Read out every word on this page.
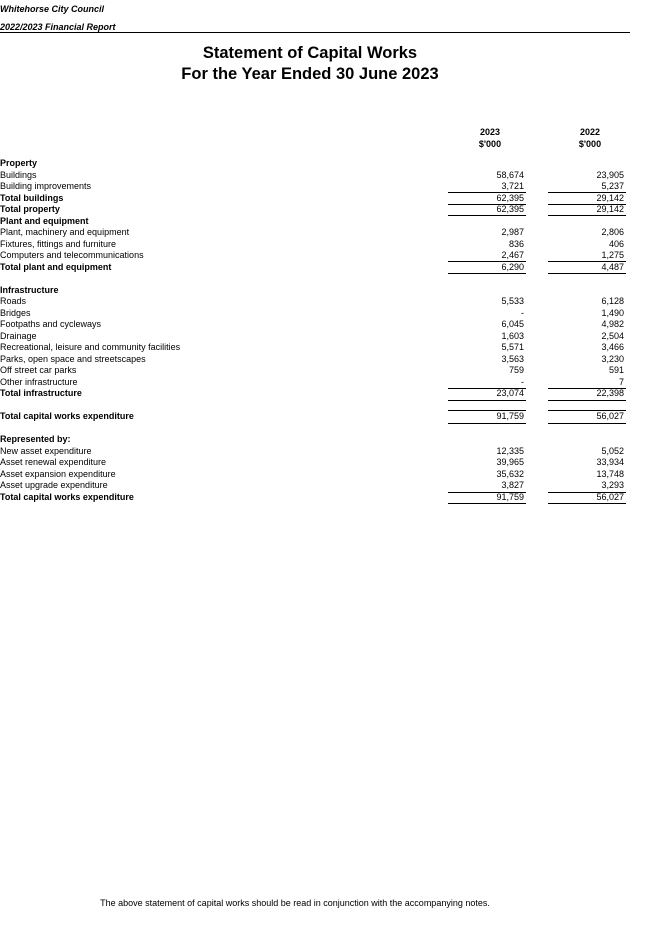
Whitehorse City Council
2022/2023 Financial Report
Statement of Capital Works
For the Year Ended 30 June 2023
2023
$'000
2022
$'000
Property
Buildings	58,674	23,905
Building improvements	3,721	5,237
Total buildings	62,395	29,142
Total property	62,395	29,142
Plant and equipment
Plant, machinery and equipment	2,987	2,806
Fixtures, fittings and furniture	836	406
Computers and telecommunications	2,467	1,275
Total plant and equipment	6,290	4,487
Infrastructure
Roads	5,533	6,128
Bridges	-	1,490
Footpaths and cycleways	6,045	4,982
Drainage	1,603	2,504
Recreational, leisure and community facilities	5,571	3,466
Parks, open space and streetscapes	3,563	3,230
Off street car parks	759	591
Other infrastructure	-	7
Total infrastructure	23,074	22,398
Total capital works expenditure	91,759	56,027
Represented by:
New asset expenditure	12,335	5,052
Asset renewal expenditure	39,965	33,934
Asset expansion expenditure	35,632	13,748
Asset upgrade expenditure	3,827	3,293
Total capital works expenditure	91,759	56,027
The above statement of capital works should be read in conjunction with the accompanying notes.
